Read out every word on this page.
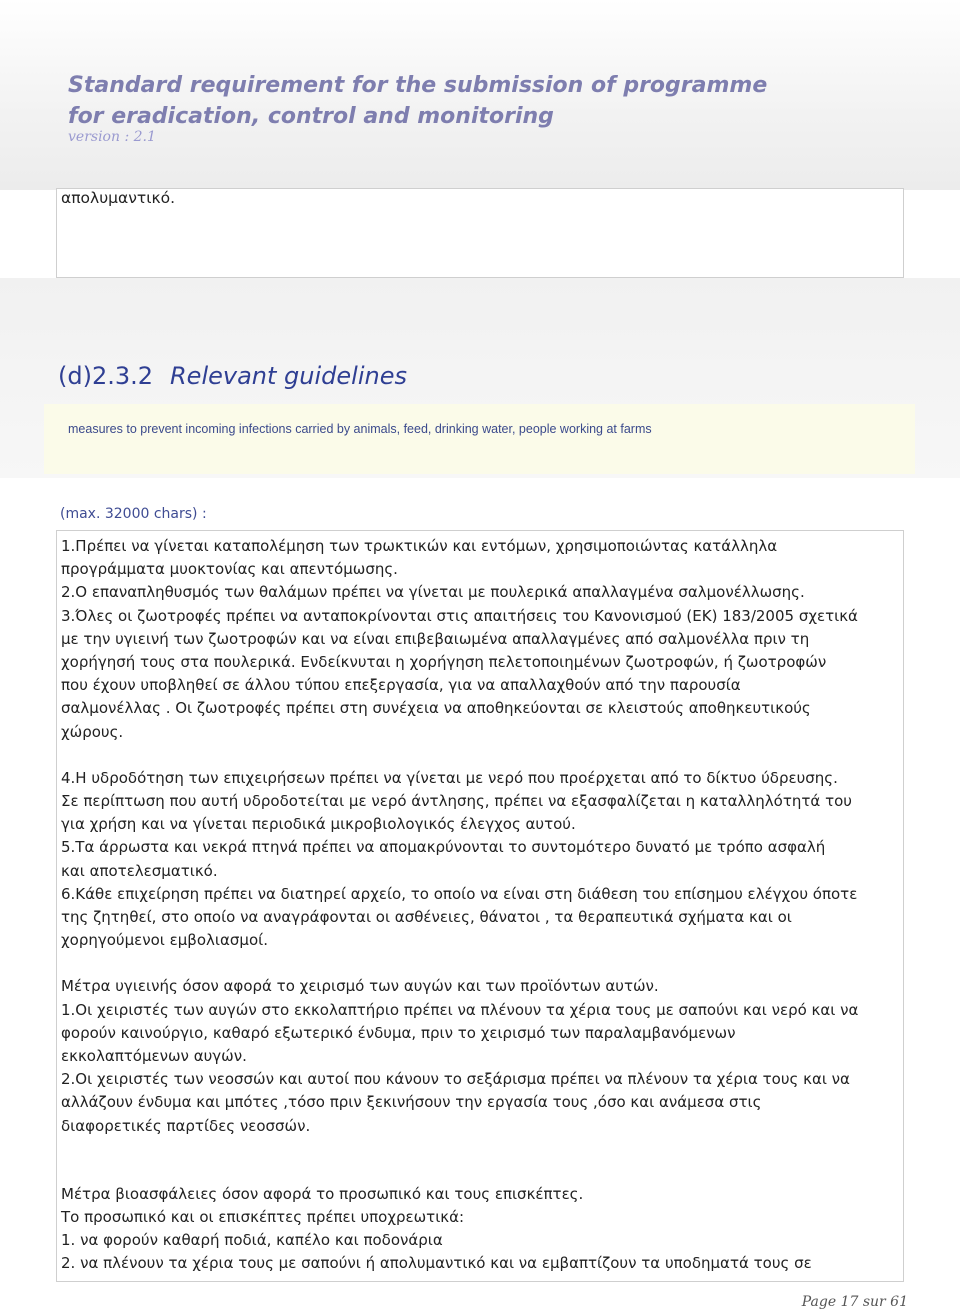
Standard requirement for the submission of programme
for eradication, control and monitoring
version : 2.1
απολυμαντικό.
(d)2.3.2 Relevant guidelines
measures to prevent incoming infections carried by animals, feed, drinking water, people working at farms
(max. 32000 chars) :
1.Πρέπει να γίνεται καταπολέμηση των τρωκτικών και εντόμων, χρησιμοποιώντας κατάλληλα
προγράμματα μυοκτονίας και απεντόμωσης.
2.Ο επαναπληθυσμός των θαλάμων πρέπει να γίνεται με πουλερικά απαλλαγμένα σαλμονέλλωσης.
3.Όλες οι ζωοτροφές πρέπει να ανταποκρίνονται στις απαιτήσεις του Κανονισμού (ΕΚ) 183/2005 σχετικά
με την υγιεινή των ζωοτροφών και να είναι επιβεβαιωμένα απαλλαγμένες από σαλμονέλλα πριν τη
χορήγησή τους στα πουλερικά. Ενδείκνυται η χορήγηση πελετοποιημένων ζωοτροφών, ή ζωοτροφών
που έχουν υποβληθεί σε άλλου τύπου επεξεργασία, για να απαλλαχθούν από την παρουσία
σαλμονέλλας . Οι ζωοτροφές πρέπει στη συνέχεια να αποθηκεύονται σε κλειστούς αποθηκευτικούς
χώρους.
4.Η υδροδότηση των επιχειρήσεων πρέπει να γίνεται με νερό που προέρχεται από το δίκτυο ύδρευσης.
Σε περίπτωση που αυτή υδροδοτείται με νερό άντλησης, πρέπει να εξασφαλίζεται η καταλληλότητά του
για χρήση και να γίνεται περιοδικά μικροβιολογικός έλεγχος αυτού.
5.Τα άρρωστα και νεκρά πτηνά πρέπει να απομακρύνονται το συντομότερο δυνατό με τρόπο ασφαλή
και αποτελεσματικό.
6.Κάθε επιχείρηση πρέπει να διατηρεί αρχείο, το οποίο να είναι στη διάθεση του επίσημου ελέγχου όποτε
της ζητηθεί, στο οποίο να αναγράφονται οι ασθένειες, θάνατοι , τα θεραπευτικά σχήματα και οι
χορηγούμενοι εμβολιασμοί.
Μέτρα υγιεινής όσον αφορά το χειρισμό των αυγών και των προϊόντων αυτών.
1.Οι χειριστές των αυγών στο εκκολαπτήριο πρέπει να πλένουν τα χέρια τους με σαπούνι και νερό και να
φορούν καινούργιο, καθαρό εξωτερικό ένδυμα, πριν το χειρισμό των παραλαμβανόμενων
εκκολαπτόμενων αυγών.
2.Οι χειριστές των νεοσσών και αυτοί που κάνουν το σεξάρισμα πρέπει να πλένουν τα χέρια τους και να
αλλάζουν ένδυμα και μπότες ,τόσο πριν ξεκινήσουν την εργασία τους ,όσο και ανάμεσα στις
διαφορετικές παρτίδες νεοσσών.
Μέτρα βιοασφάλειες όσον αφορά το προσωπικό και τους επισκέπτες.
Το προσωπικό και οι επισκέπτες πρέπει υποχρεωτικά:
1. να φορούν καθαρή ποδιά, καπέλο και ποδονάρια
2. να πλένουν τα χέρια τους με σαπούνι ή απολυμαντικό και να εμβαπτίζουν τα υποδηματά τους σε
Page 17 sur 61
